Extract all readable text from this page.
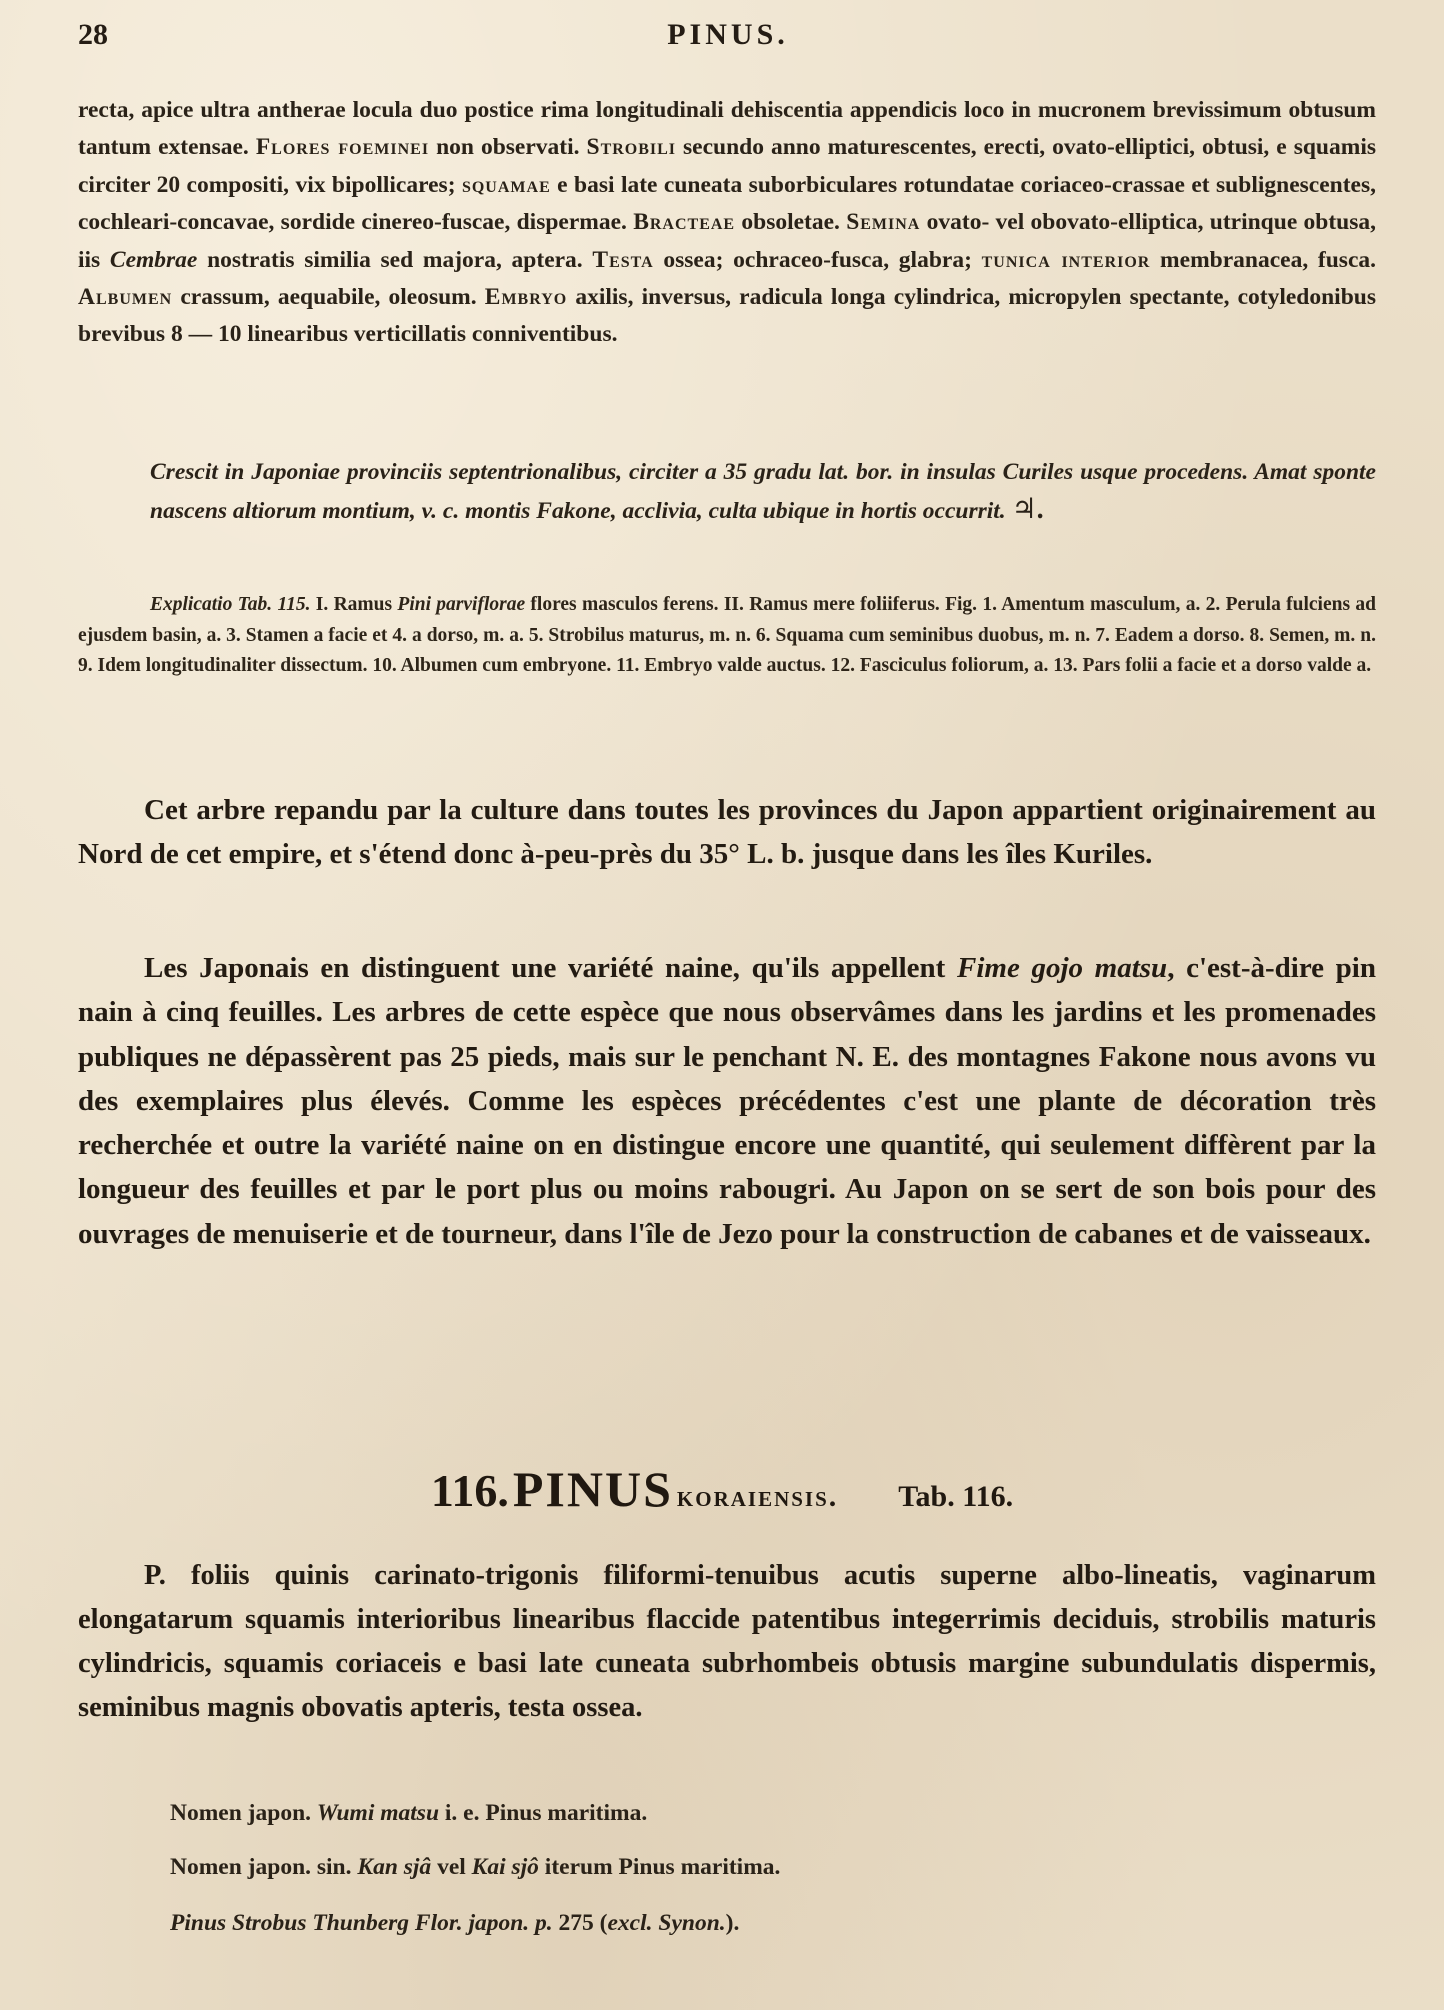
28	PINUS.
recta, apice ultra antherae locula duo postice rima longitudinali dehiscentia appendicis loco in mucronem brevissimum obtusum tantum extensae. Flores foeminei non observati. Strobili secundo anno maturescentes, erecti, ovato-elliptici, obtusi, e squamis circiter 20 compositi, vix bipollicares; squamae e basi late cuneata suborbiculares rotundatae coriaceo-crassae et sublignescentes, cochleari-concavae, sordide cinereo-fuscae, dispermae. Bracteae obsoletae. Semina ovato- vel obovato-elliptica, utrinque obtusa, iis Cembrae nostratis similia sed majora, aptera. Testa ossea; ochraceo-fusca, glabra; tunica interior membranacea, fusca. Albumen crassum, aequabile, oleosum. Embryo axilis, inversus, radicula longa cylindrica, micropylen spectante, cotyledonibus brevibus 8 — 10 linearibus verticillatis conniventibus.
Crescit in Japoniae provinciis septentrionalibus, circiter a 35 gradu lat. bor. in insulas Curiles usque procedens. Amat sponte nascens altiorum montium, v. c. montis Fakone, acclivia, culta ubique in hortis occurrit. ♃.
Explicatio Tab. 115. I. Ramus Pini parviflorae flores masculos ferens. II. Ramus mere foliiferus. Fig. 1. Amentum masculum, a. 2. Perula fulciens ad ejusdem basin, a. 3. Stamen a facie et 4. a dorso, m. a. 5. Strobilus maturus, m. n. 6. Squama cum seminibus duobus, m. n. 7. Eadem a dorso. 8. Semen, m. n. 9. Idem longitudinaliter dissectum. 10. Albumen cum embryone. 11. Embryo valde auctus. 12. Fasciculus foliorum, a. 13. Pars folii a facie et a dorso valde a.
Cet arbre repandu par la culture dans toutes les provinces du Japon appartient originairement au Nord de cet empire, et s'étend donc à-peu-près du 35° L. b. jusque dans les îles Kuriles.
Les Japonais en distinguent une variété naine, qu'ils appellent Fime gojo matsu, c'est-à-dire pin nain à cinq feuilles. Les arbres de cette espèce que nous observâmes dans les jardins et les promenades publiques ne dépassèrent pas 25 pieds, mais sur le penchant N. E. des montagnes Fakone nous avons vu des exemplaires plus élevés. Comme les espèces précédentes c'est une plante de décoration très recherchée et outre la variété naine on en distingue encore une quantité, qui seulement diffèrent par la longueur des feuilles et par le port plus ou moins rabougri. Au Japon on se sert de son bois pour des ouvrages de menuiserie et de tourneur, dans l'île de Jezo pour la construction de cabanes et de vaisseaux.
116. PINUS koraiensis. Tab. 116.
P. foliis quinis carinato-trigonis filiformi-tenuibus acutis superne albo-lineatis, vaginarum elongatarum squamis interioribus linearibus flaccide patentibus integerrimis deciduis, strobilis maturis cylindricis, squamis coriaceis e basi late cuneata subrhombeis obtusis margine subundulatis dispermis, seminibus magnis obovatis apteris, testa ossea.
Nomen japon. Wumi matsu i. e. Pinus maritima.
Nomen japon. sin. Kan sjâ vel Kai sjô iterum Pinus maritima.
Pinus Strobus Thunberg Flor. japon. p. 275 (excl. Synon.).
